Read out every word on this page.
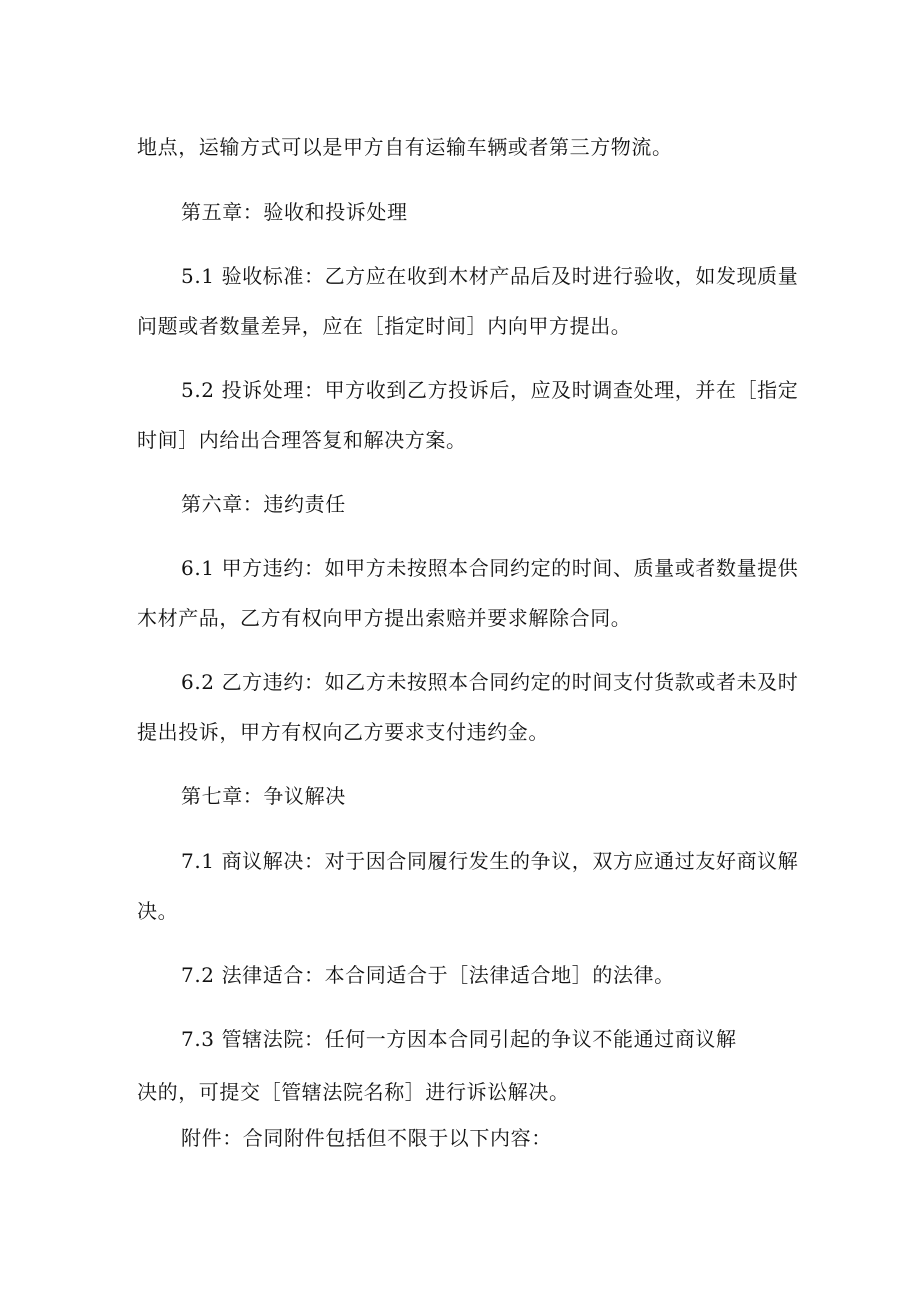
地点，运输方式可以是甲方自有运输车辆或者第三方物流。
第五章：验收和投诉处理
5.1 验收标准：乙方应在收到木材产品后及时进行验收，如发现质量
问题或者数量差异，应在［指定时间］内向甲方提出。
5.2 投诉处理：甲方收到乙方投诉后，应及时调查处理，并在［指定
时间］内给出合理答复和解决方案。
第六章：违约责任
6.1 甲方违约：如甲方未按照本合同约定的时间、质量或者数量提供
木材产品，乙方有权向甲方提出索赔并要求解除合同。
6.2 乙方违约：如乙方未按照本合同约定的时间支付货款或者未及时
提出投诉，甲方有权向乙方要求支付违约金。
第七章：争议解决
7.1 商议解决：对于因合同履行发生的争议，双方应通过友好商议解
决。
7.2 法律适合：本合同适合于［法律适合地］的法律。
7.3 管辖法院：任何一方因本合同引起的争议不能通过商议解
决的，可提交［管辖法院名称］进行诉讼解决。
附件：合同附件包括但不限于以下内容：
